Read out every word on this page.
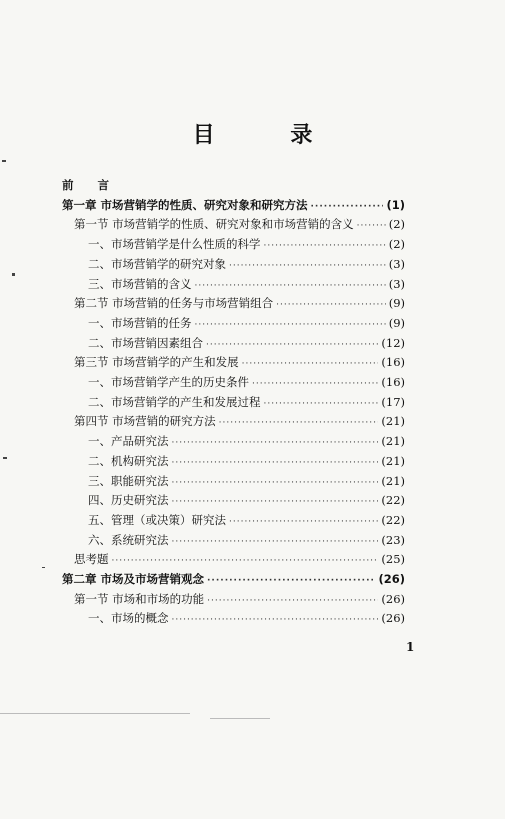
目 录
前 言
第一章 市场营销学的性质、研究对象和研究方法 ·····	(1)
第一节 市场营销学的性质、研究对象和市场营销的含义 ·····	(2)
一、市场营销学是什么性质的科学 ·····	(2)
二、市场营销学的研究对象 ·····	(3)
三、市场营销的含义 ·····	(3)
第二节 市场营销的任务与市场营销组合 ·····	(9)
一、市场营销的任务 ·····	(9)
二、市场营销因素组合 ·····	(12)
第三节 市场营销学的产生和发展 ·····	(16)
一、市场营销学产生的历史条件 ·····	(16)
二、市场营销学的产生和发展过程 ·····	(17)
第四节 市场营销的研究方法 ·····	(21)
一、产品研究法 ·····	(21)
二、机构研究法 ·····	(21)
三、职能研究法 ·····	(21)
四、历史研究法 ·····	(22)
五、管理（或决策）研究法 ·····	(22)
六、系统研究法 ·····	(23)
思考题 ·····	(25)
第二章 市场及市场营销观念 ·····	(26)
第一节 市场和市场的功能 ·····	(26)
一、市场的概念 ·····	(26)
1
